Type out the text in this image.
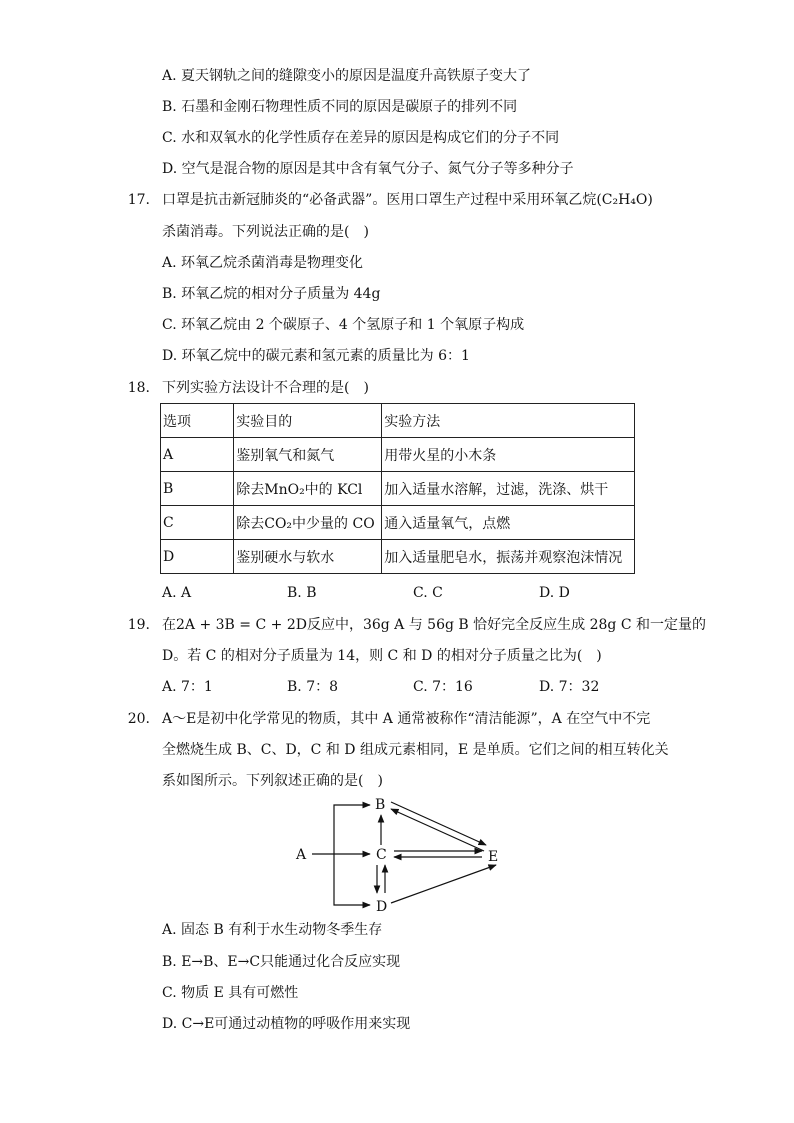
A. 夏天钢轨之间的缝隙变小的原因是温度升高铁原子变大了
B. 石墨和金刚石物理性质不同的原因是碳原子的排列不同
C. 水和双氧水的化学性质存在差异的原因是构成它们的分子不同
D. 空气是混合物的原因是其中含有氧气分子、氮气分子等多种分子
17. 口罩是抗击新冠肺炎的“必备武器”。医用口罩生产过程中采用环氧乙烷(C₂H₄O)
杀菌消毒。下列说法正确的是(　)
A. 环氧乙烷杀菌消毒是物理变化
B. 环氧乙烷的相对分子质量为 44g
C. 环氧乙烷由 2 个碳原子、4 个氢原子和 1 个氧原子构成
D. 环氧乙烷中的碳元素和氢元素的质量比为 6：1
18. 下列实验方法设计不合理的是(　)
选项	实验目的	实验方法
A	鉴别氧气和氮气	用带火星的小木条
B	除去MnO₂中的 KCl	加入适量水溶解，过滤，洗涤、烘干
C	除去CO₂中少量的 CO	通入适量氧气，点燃
D	鉴别硬水与软水	加入适量肥皂水，振荡并观察泡沫情况
A. A	B. B	C. C	D. D
19. 在2A + 3B = C + 2D反应中，36g A 与 56g B 恰好完全反应生成 28g C 和一定量的
D。若 C 的相对分子质量为 14，则 C 和 D 的相对分子质量之比为(　)
A. 7：1	B. 7：8	C. 7：16	D. 7：32
20. A～E是初中化学常见的物质，其中 A 通常被称作“清洁能源”，A 在空气中不完
全燃烧生成 B、C、D，C 和 D 组成元素相同，E 是单质。它们之间的相互转化关
系如图所示。下列叙述正确的是(　)
A
B
C
D
E
A. 固态 B 有利于水生动物冬季生存
B. E→B、E→C只能通过化合反应实现
C. 物质 E 具有可燃性
D. C→E可通过动植物的呼吸作用来实现
